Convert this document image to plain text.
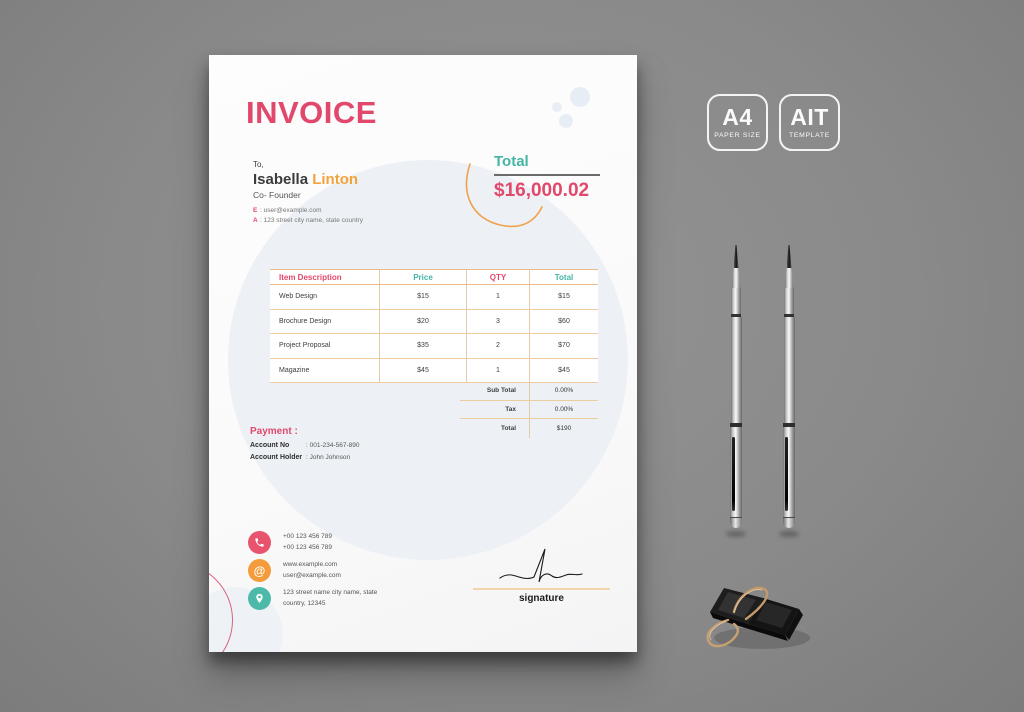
INVOICE
To,
Isabella Linton
Co- Founder
E : user@example.com
A : 123 street city name, state country
Total
$16,000.02
Item Description	Price	QTY	Total
Web Design	$15	1	$15
Brochure Design	$20	3	$60
Project Proposal	$35	2	$70
Magazine	$45	1	$45
Sub Total	0.00%
Tax	0.00%
Total	$190
Payment :
Account No	: 001-234-567-890
Account Holder : John Johnson
+00 123 456 789
+00 123 456 789
@	www.example.com
user@example.com
123 street name city name, state
country, 12345	signature
A4
PAPER SIZE
AIT
TEMPLATE
